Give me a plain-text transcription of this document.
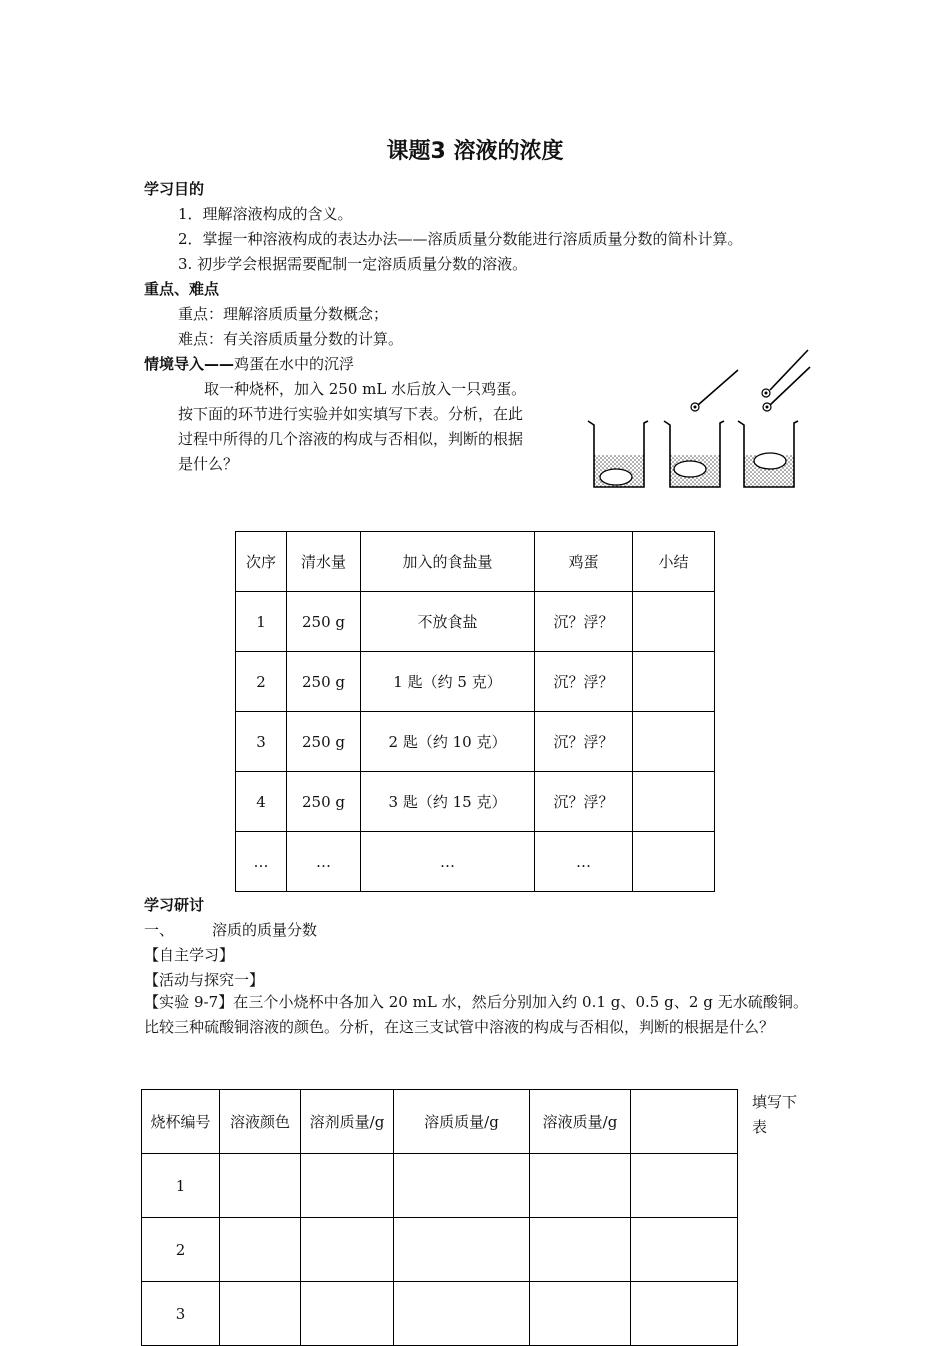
课题3 溶液的浓度
学习目的
1．理解溶液构成的含义。
2．掌握一种溶液构成的表达办法——溶质质量分数能进行溶质质量分数的简朴计算。
3. 初步学会根据需要配制一定溶质质量分数的溶液。
重点、难点
重点：理解溶质质量分数概念；
难点：有关溶质质量分数的计算。
情境导入——鸡蛋在水中的沉浮
取一种烧杯，加入 250 mL 水后放入一只鸡蛋。
按下面的环节进行实验并如实填写下表。分析，在此
过程中所得的几个溶液的构成与否相似，判断的根据
是什么？
次序	清水量	加入的食盐量	鸡蛋	小结
1	250 g	不放食盐	沉？浮？	
2	250 g	1 匙（约 5 克）	沉？浮？	
3	250 g	2 匙（约 10 克）	沉？浮？	
4	250 g	3 匙（约 15 克）	沉？浮？	
…	…	…	…	
学习研讨
一、	溶质的质量分数
【自主学习】
【活动与探究一】
【实验 9-7】在三个小烧杯中各加入 20 mL 水，然后分别加入约 0.1 g、0.5 g、2 g 无水硫酸铜。比较三种硫酸铜溶液的颜色。分析，在这三支试管中溶液的构成与否相似，判断的根据是什么？
烧杯编号	溶液颜色	溶剂质量/g	溶质质量/g	溶液质量/g	
1					
2					
3					
填写下表
